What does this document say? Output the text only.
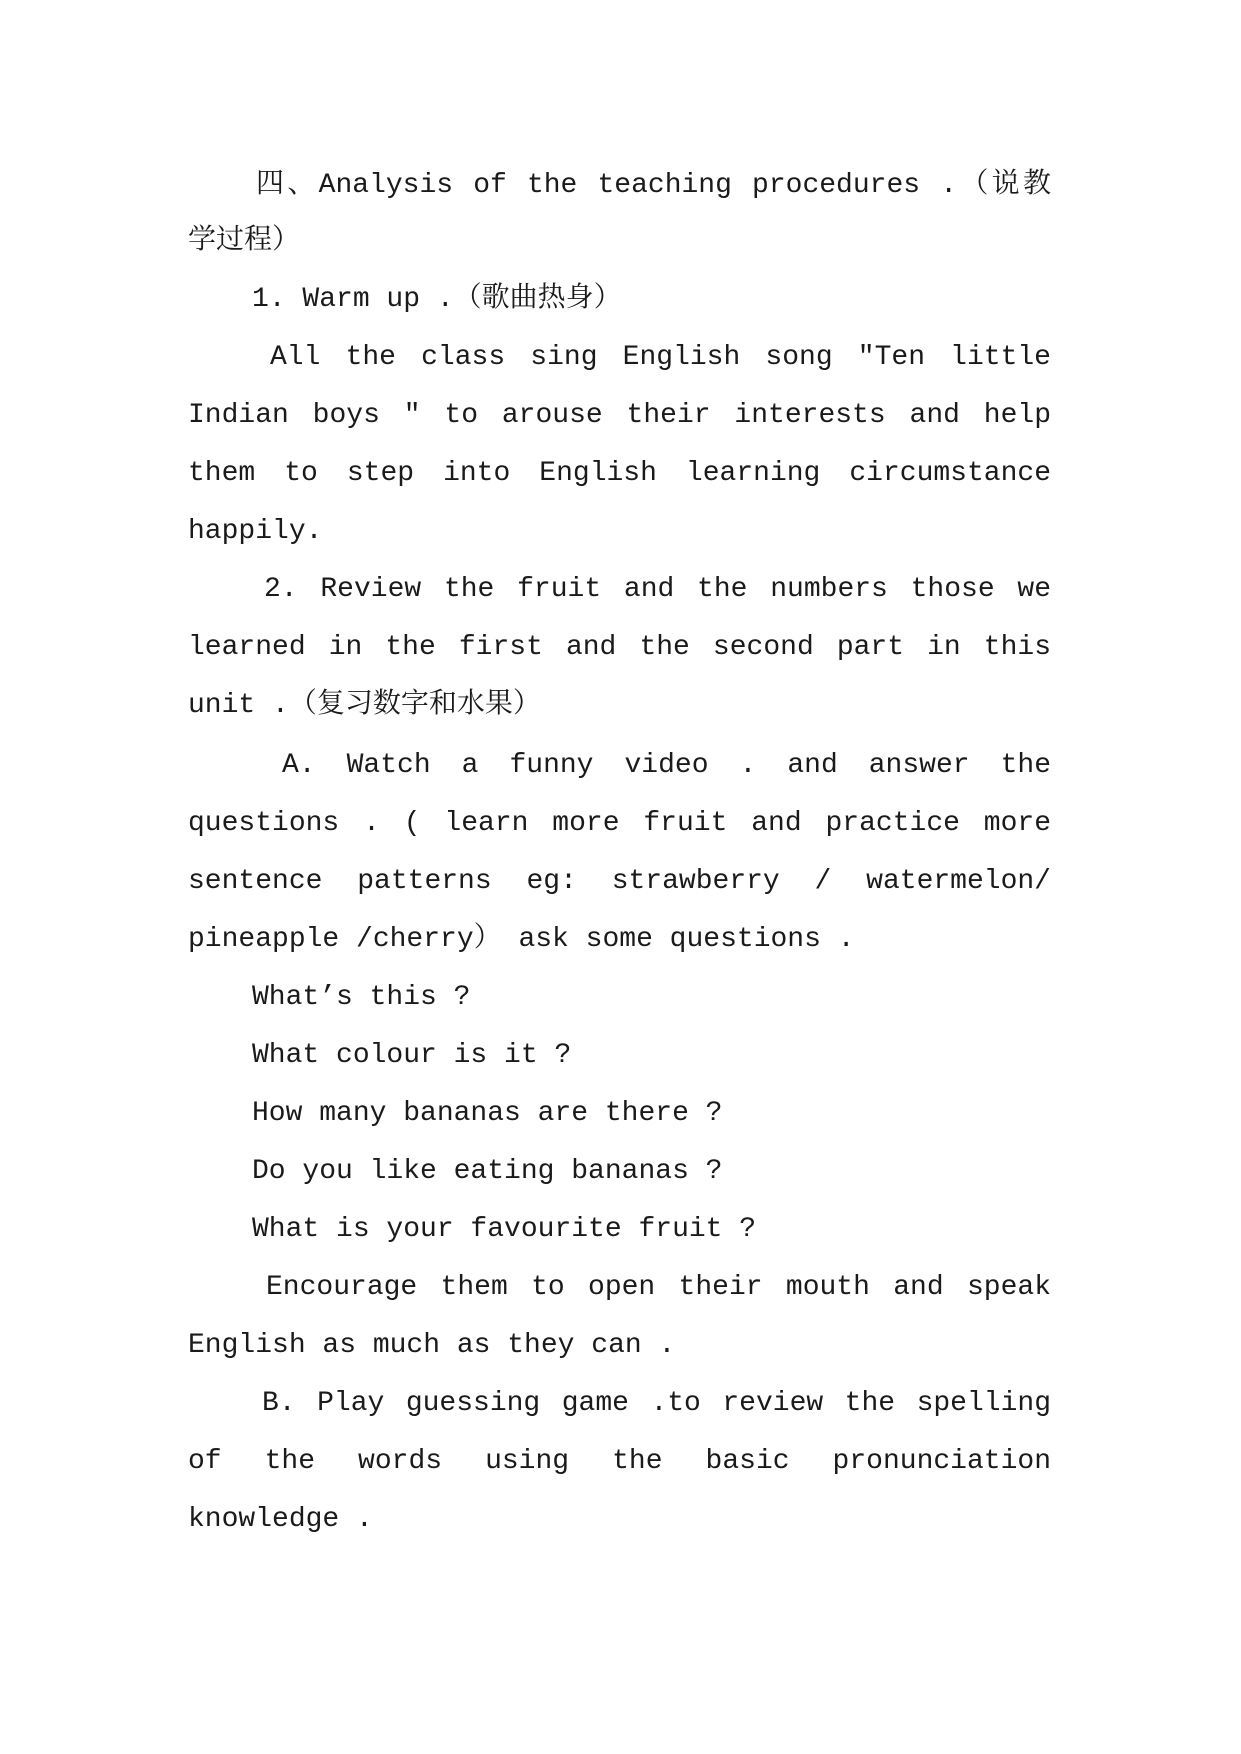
四、Analysis of the teaching procedures .（说教
学过程）
1. Warm up .（歌曲热身）
All the class sing English song "Ten little
Indian boys " to arouse their interests and help
them to step into English learning circumstance
happily.
2. Review the fruit and the numbers those we
learned in the first and the second part in this
unit .（复习数字和水果）
A. Watch a funny video . and answer the
questions . ( learn more fruit and practice more
sentence patterns eg: strawberry / watermelon/
pineapple /cherry） ask some questions .
What’s this ?
What colour is it ?
How many bananas are there ?
Do you like eating bananas ?
What is your favourite fruit ?
Encourage them to open their mouth and speak
English as much as they can .
B. Play guessing game .to review the spelling
of the words using the basic pronunciation
knowledge .
